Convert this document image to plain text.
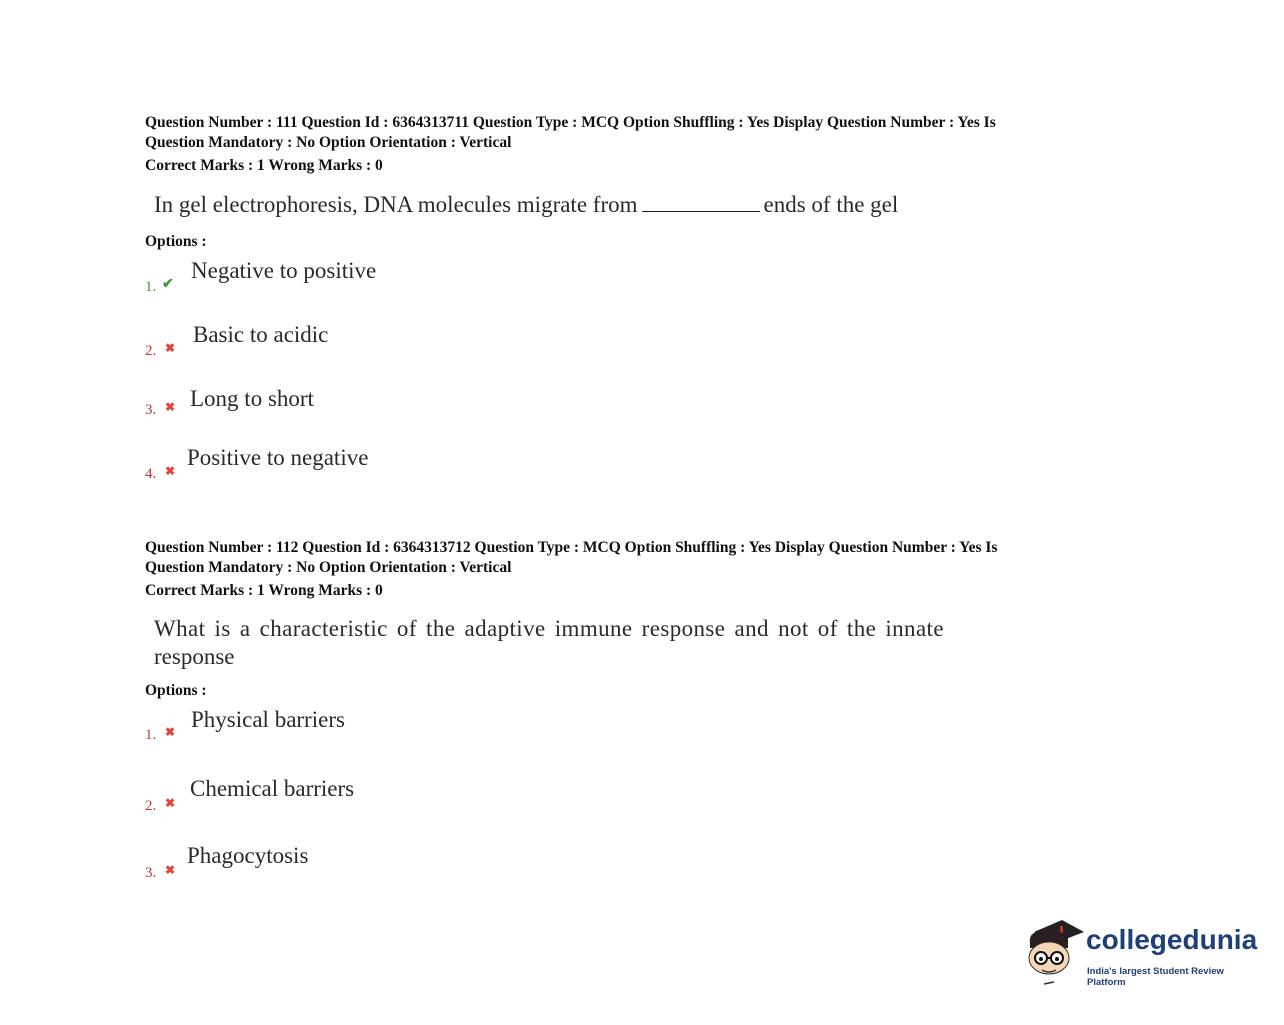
Question Number : 111 Question Id : 6364313711 Question Type : MCQ Option Shuffling : Yes Display Question Number : Yes Is
Question Mandatory : No Option Orientation : Vertical
Correct Marks : 1 Wrong Marks : 0
In gel electrophoresis, DNA molecules migrate from	ends of the gel
Options :
1. ✔
Negative to positive
2. ✖
Basic to acidic
3. ✖ Long to short
4. ✖
Positive to negative
Question Number : 112 Question Id : 6364313712 Question Type : MCQ Option Shuffling : Yes Display Question Number : Yes Is
Question Mandatory : No Option Orientation : Vertical
Correct Marks : 1 Wrong Marks : 0
What is a characteristic of the adaptive immune response and not of the innate
response
Options :
1. ✖ Physical barriers
2. ✖
Chemical barriers
3. ✖
Phagocytosis
collegedunia
India's largest Student Review Platform
